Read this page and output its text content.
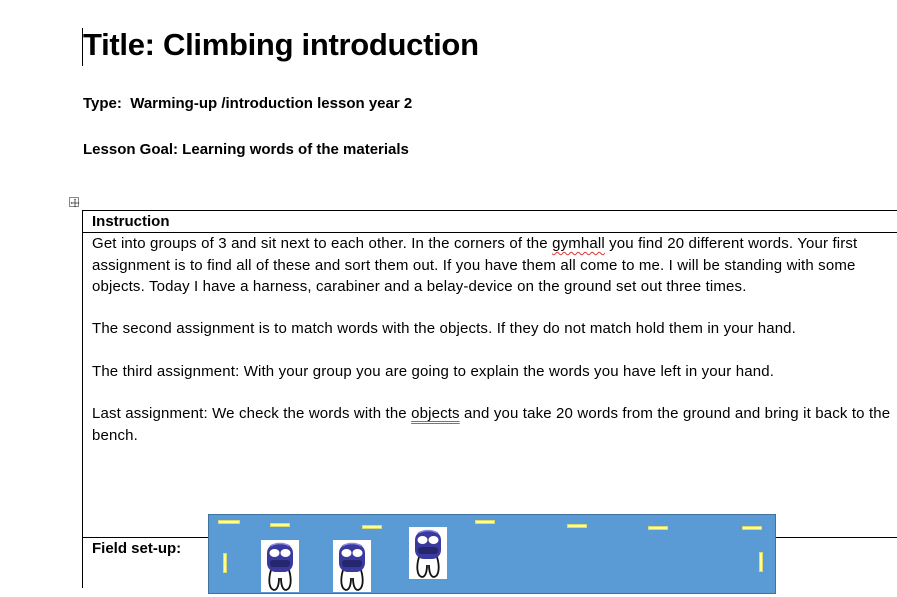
Title: Climbing introduction

Type:  Warming-up /introduction lesson year 2

Lesson Goal: Learning words of the materials

Instruction

Get into groups of 3 and sit next to each other. In the corners of the gymhall you find 20 different words. Your first assignment is to find all of these and sort them out. If you have them all come to me. I will be standing with some objects. Today I have a harness, carabiner and a belay-device on the ground set out three times.

The second assignment is to match words with the objects. If they do not match hold them in your hand.

The third assignment: With your group you are going to explain the words you have left in your hand.

Last assignment: We check the words with the objects and you take 20 words from the ground and bring it back to the bench.

Field set-up:
